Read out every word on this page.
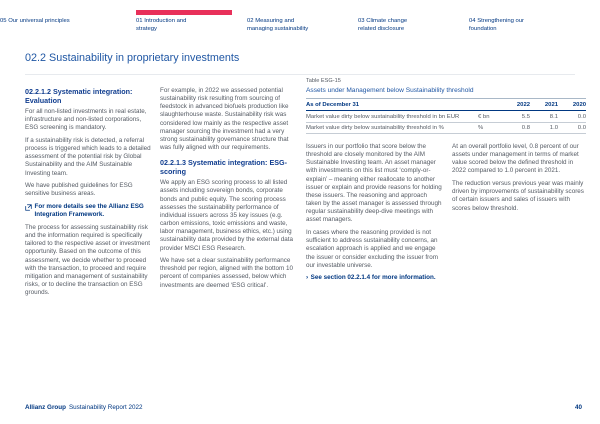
01 Introduction and strategy
02 Measuring and managing sustainability
03 Climate change related disclosure
04 Strengthening our foundation
05 Our universal principles
02.2 Sustainability in proprietary investments
02.2.1.2 Systematic integration: Evaluation

For all non-listed investments in real estate, infrastructure and non-listed corporations, ESG screening is mandatory.

If a sustainability risk is detected, a referral process is triggered which leads to a detailed assessment of the potential risk by Global Sustainability and the AIM Sustainable Investing team.

We have published guidelines for ESG sensitive business areas.

For more details see the Allianz ESG Integration Framework.

The process for assessing sustainability risk and the information required is specifically tailored to the respective asset or investment opportunity. Based on the outcome of this assessment, we decide whether to proceed with the transaction, to proceed and require mitigation and management of sustainability risks, or to decline the transaction on ESG grounds.

For example, in 2022 we assessed potential sustainability risk resulting from sourcing of feedstock in advanced biofuels production like slaughterhouse waste. Sustainability risk was considered low mainly as the respective asset manager sourcing the investment had a very strong sustainability governance structure that was fully aligned with our requirements.

02.2.1.3 Systematic integration: ESG-scoring

We apply an ESG scoring process to all listed assets including sovereign bonds, corporate bonds and public equity. The scoring process assesses the sustainability performance of individual issuers across 35 key issues (e.g. carbon emissions, toxic emissions and waste, labor management, business ethics, etc.) using sustainability data provided by the external data provider MSCI ESG Research.

We have set a clear sustainability performance threshold per region, aligned with the bottom 10 percent of companies assessed, below which investments are deemed ‘ESG critical’.

Table ESG-15
Assets under Management below Sustainability threshold
As of December 31	2022	2021	2020
Market value dirty below sustainability threshold in bn EUR	€ bn	5.5	8.1	0.0
Market value dirty below sustainability threshold in %	%	0.8	1.0	0.0

Issuers in our portfolio that score below the threshold are closely monitored by the AIM Sustainable Investing team. An asset manager with investments on this list must ‘comply-or-explain’ – meaning either reallocate to another issuer or explain and provide reasons for holding these issuers. The reasoning and approach taken by the asset manager is assessed through regular sustainability deep-dive meetings with asset managers.

In cases where the reasoning provided is not sufficient to address sustainability concerns, an escalation approach is applied and we engage the issuer or consider excluding the issuer from our investable universe.

› See section 02.2.1.4 for more information.

At an overall portfolio level, 0.8 percent of our assets under management in terms of market value scored below the defined threshold in 2022 compared to 1.0 percent in 2021.

The reduction versus previous year was mainly driven by improvements of sustainability scores of certain issuers and sales of issuers with scores below threshold.

Allianz Group Sustainability Report 2022	40
